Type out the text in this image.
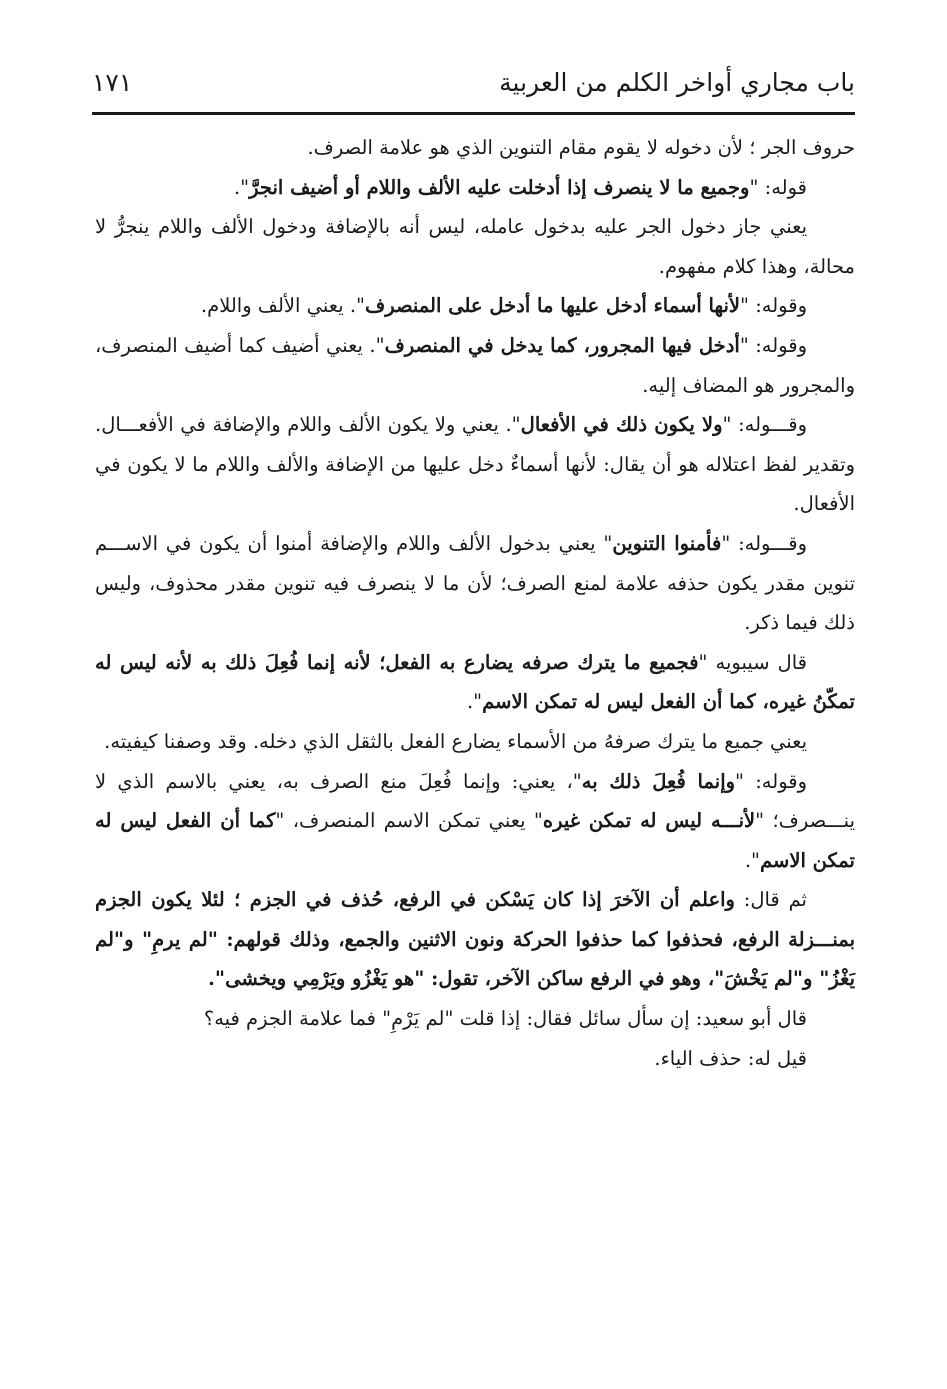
باب مجاري أواخر الكلم من العربية
١٧١

حروف الجر ؛ لأن دخوله لا يقوم مقام التنوين الذي هو علامة الصرف.

قوله: "وجميع ما لا ينصرف إذا أدخلت عليه الألف واللام أو أضيف انجرَّ".

يعني جاز دخول الجر عليه بدخول عامله، ليس أنه بالإضافة ودخول الألف واللام ينجرُّ لا محالة، وهذا كلام مفهوم.

وقوله: "لأنها أسماء أدخل عليها ما أدخل على المنصرف". يعني الألف واللام.

وقوله: "أدخل فيها المجرور، كما يدخل في المنصرف". يعني أضيف كما أضيف المنصرف، والمجرور هو المضاف إليه.

وقـــوله: "ولا يكون ذلك في الأفعال". يعني ولا يكون الألف واللام والإضافة في الأفعـــال. وتقدير لفظ اعتلاله هو أن يقال: لأنها أسماءٌ دخل عليها من الإضافة والألف واللام ما لا يكون في الأفعال.

وقـــوله: "فأمنوا التنوين" يعني بدخول الألف واللام والإضافة أمنوا أن يكون في الاســـم تنوين مقدر يكون حذفه علامة لمنع الصرف؛ لأن ما لا ينصرف فيه تنوين مقدر محذوف، وليس ذلك فيما ذكر.

قال سيبويه "فجميع ما يترك صرفه يضارع به الفعل؛ لأنه إنما فُعِلَ ذلك به لأنه ليس له تمكّنُ غيره، كما أن الفعل ليس له تمكن الاسم".

يعني جميع ما يترك صرفهُ من الأسماء يضارع الفعل بالثقل الذي دخله. وقد وصفنا كيفيته.

وقوله: "وإنما فُعِلَ ذلك به"، يعني: وإنما فُعِلَ منع الصرف به، يعني بالاسم الذي لا ينـــصرف؛ "لأنـــه ليس له تمكن غيره" يعني تمكن الاسم المنصرف، "كما أن الفعل ليس له تمكن الاسم".

ثم قال: واعلم أن الآخرَ إذا كان يَسْكن في الرفع، حُذف في الجزم ؛ لئلا يكون الجزم بمنـــزلة الرفع، فحذفوا كما حذفوا الحركة ونون الاثنين والجمع، وذلك قولهم: "لم يرمِ" و"لم يَغْزُ" و"لم يَخْشَ"، وهو في الرفع ساكن الآخر، تقول: "هو يَغْزُو ويَرْمِي ويخشى".

قال أبو سعيد: إن سأل سائل فقال: إذا قلت "لم يَرْمِ" فما علامة الجزم فيه؟

قيل له: حذف الياء.
